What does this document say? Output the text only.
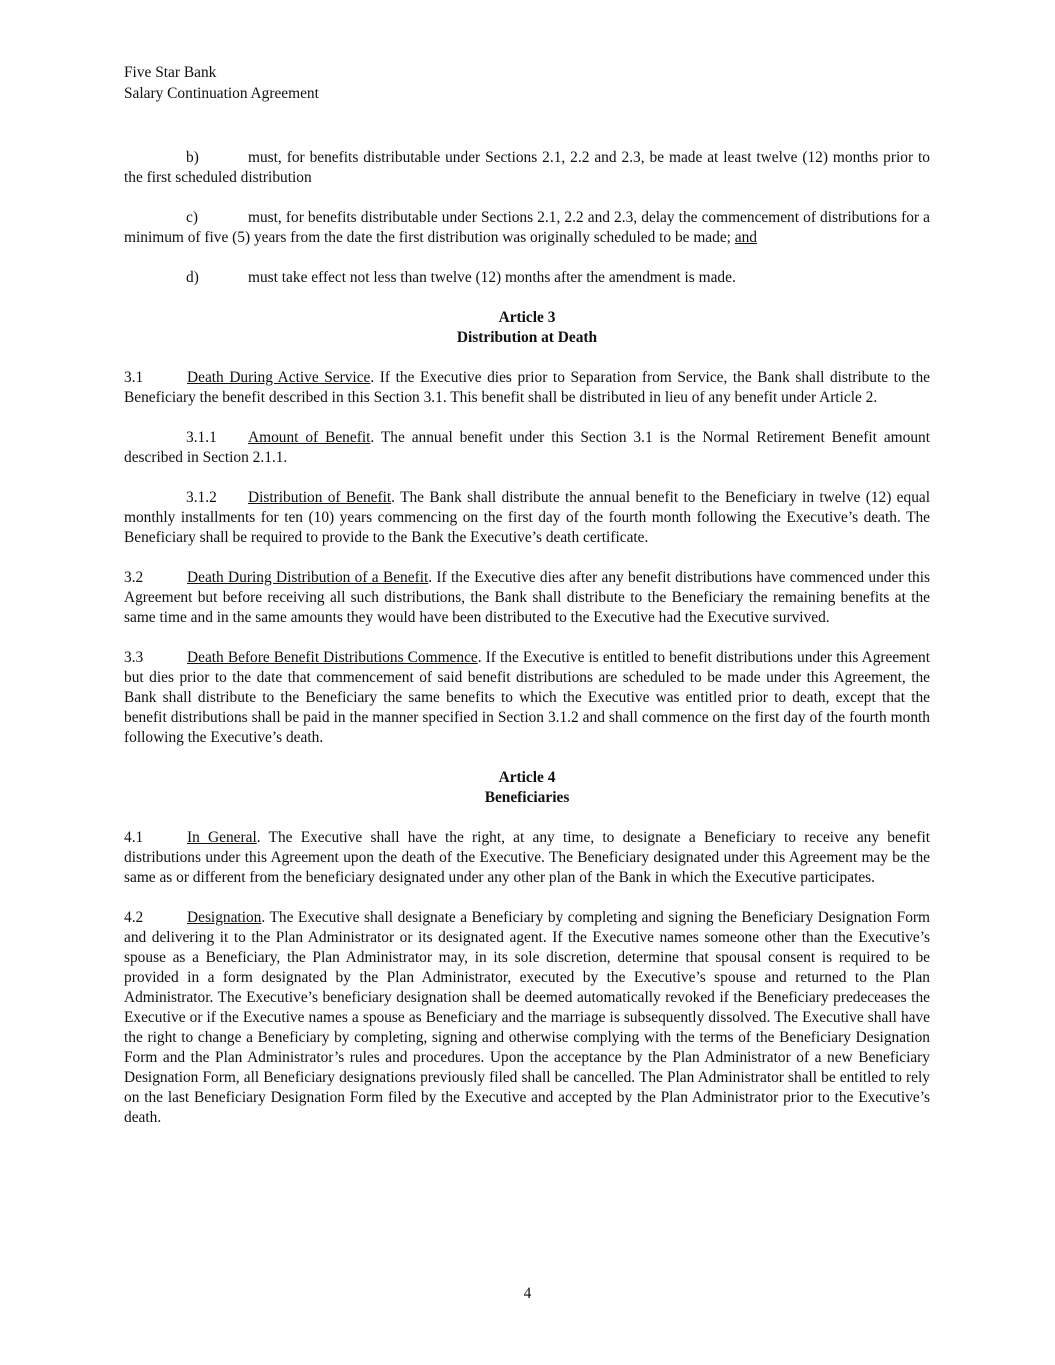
Five Star Bank
Salary Continuation Agreement

b)	must, for benefits distributable under Sections 2.1, 2.2 and 2.3, be made at least twelve (12) months prior to the first scheduled distribution

c)	must, for benefits distributable under Sections 2.1, 2.2 and 2.3, delay the commencement of distributions for a minimum of five (5) years from the date the first distribution was originally scheduled to be made; and

d)	must take effect not less than twelve (12) months after the amendment is made.

Article 3
Distribution at Death

3.1	Death During Active Service. If the Executive dies prior to Separation from Service, the Bank shall distribute to the Beneficiary the benefit described in this Section 3.1. This benefit shall be distributed in lieu of any benefit under Article 2.

3.1.1 Amount of Benefit. The annual benefit under this Section 3.1 is the Normal Retirement Benefit amount described in Section 2.1.1.

3.1.2 Distribution of Benefit. The Bank shall distribute the annual benefit to the Beneficiary in twelve (12) equal monthly installments for ten (10) years commencing on the first day of the fourth month following the Executive’s death. The Beneficiary shall be required to provide to the Bank the Executive’s death certificate.

3.2	Death During Distribution of a Benefit. If the Executive dies after any benefit distributions have commenced under this Agreement but before receiving all such distributions, the Bank shall distribute to the Beneficiary the remaining benefits at the same time and in the same amounts they would have been distributed to the Executive had the Executive survived.

3.3	Death Before Benefit Distributions Commence. If the Executive is entitled to benefit distributions under this Agreement but dies prior to the date that commencement of said benefit distributions are scheduled to be made under this Agreement, the Bank shall distribute to the Beneficiary the same benefits to which the Executive was entitled prior to death, except that the benefit distributions shall be paid in the manner specified in Section 3.1.2 and shall commence on the first day of the fourth month following the Executive’s death.

Article 4
Beneficiaries

4.1	In General. The Executive shall have the right, at any time, to designate a Beneficiary to receive any benefit distributions under this Agreement upon the death of the Executive. The Beneficiary designated under this Agreement may be the same as or different from the beneficiary designated under any other plan of the Bank in which the Executive participates.

4.2	Designation. The Executive shall designate a Beneficiary by completing and signing the Beneficiary Designation Form and delivering it to the Plan Administrator or its designated agent. If the Executive names someone other than the Executive’s spouse as a Beneficiary, the Plan Administrator may, in its sole discretion, determine that spousal consent is required to be provided in a form designated by the Plan Administrator, executed by the Executive’s spouse and returned to the Plan Administrator. The Executive’s beneficiary designation shall be deemed automatically revoked if the Beneficiary predeceases the Executive or if the Executive names a spouse as Beneficiary and the marriage is subsequently dissolved. The Executive shall have the right to change a Beneficiary by completing, signing and otherwise complying with the terms of the Beneficiary Designation Form and the Plan Administrator’s rules and procedures. Upon the acceptance by the Plan Administrator of a new Beneficiary Designation Form, all Beneficiary designations previously filed shall be cancelled. The Plan Administrator shall be entitled to rely on the last Beneficiary Designation Form filed by the Executive and accepted by the Plan Administrator prior to the Executive’s death.

4
